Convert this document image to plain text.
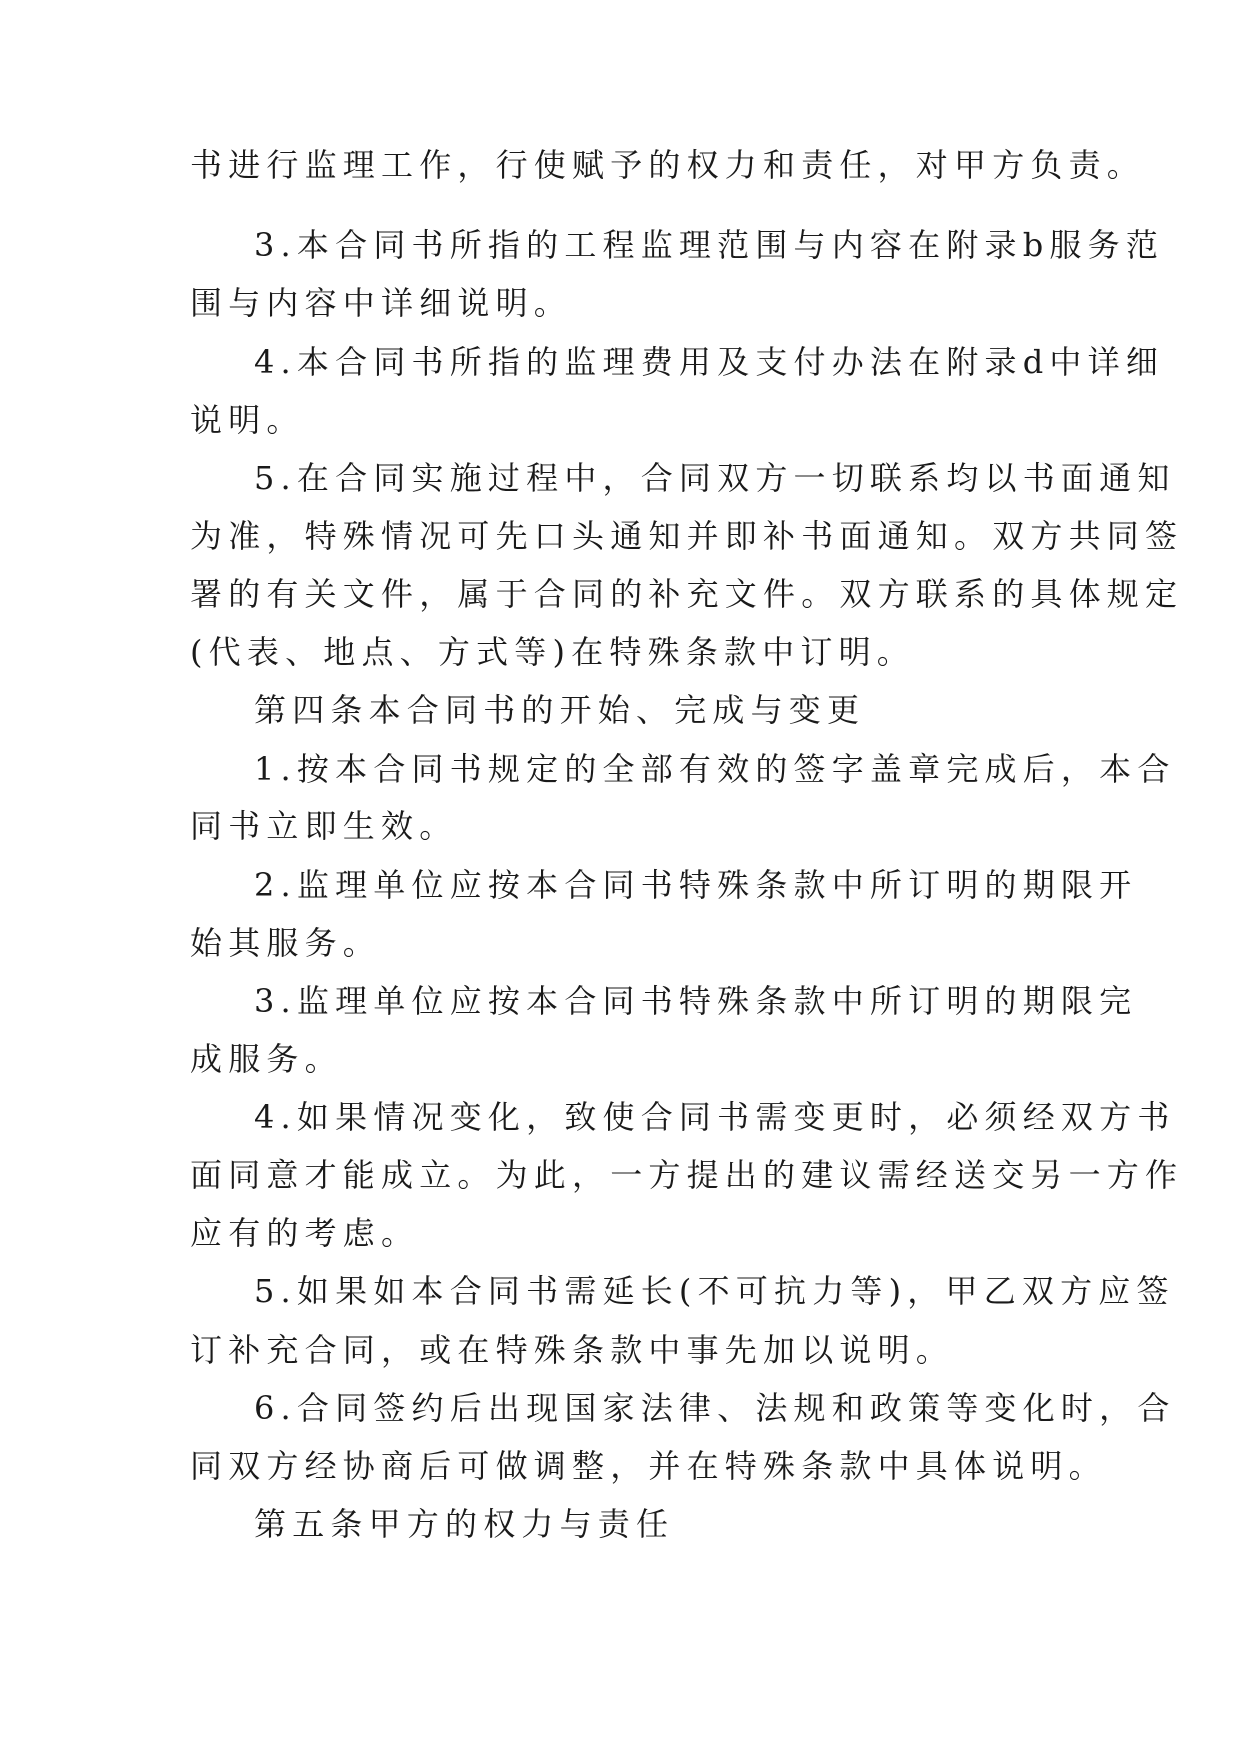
书进行监理工作，行使赋予的权力和责任，对甲方负责。
3.本合同书所指的工程监理范围与内容在附录b服务范
围与内容中详细说明。
4.本合同书所指的监理费用及支付办法在附录d中详细
说明。
5.在合同实施过程中，合同双方一切联系均以书面通知
为准，特殊情况可先口头通知并即补书面通知。双方共同签
署的有关文件，属于合同的补充文件。双方联系的具体规定
(代表、地点、方式等)在特殊条款中订明。
第四条本合同书的开始、完成与变更
1.按本合同书规定的全部有效的签字盖章完成后，本合
同书立即生效。
2.监理单位应按本合同书特殊条款中所订明的期限开
始其服务。
3.监理单位应按本合同书特殊条款中所订明的期限完
成服务。
4.如果情况变化，致使合同书需变更时，必须经双方书
面同意才能成立。为此，一方提出的建议需经送交另一方作
应有的考虑。
5.如果如本合同书需延长(不可抗力等)，甲乙双方应签
订补充合同，或在特殊条款中事先加以说明。
6.合同签约后出现国家法律、法规和政策等变化时，合
同双方经协商后可做调整，并在特殊条款中具体说明。
第五条甲方的权力与责任
